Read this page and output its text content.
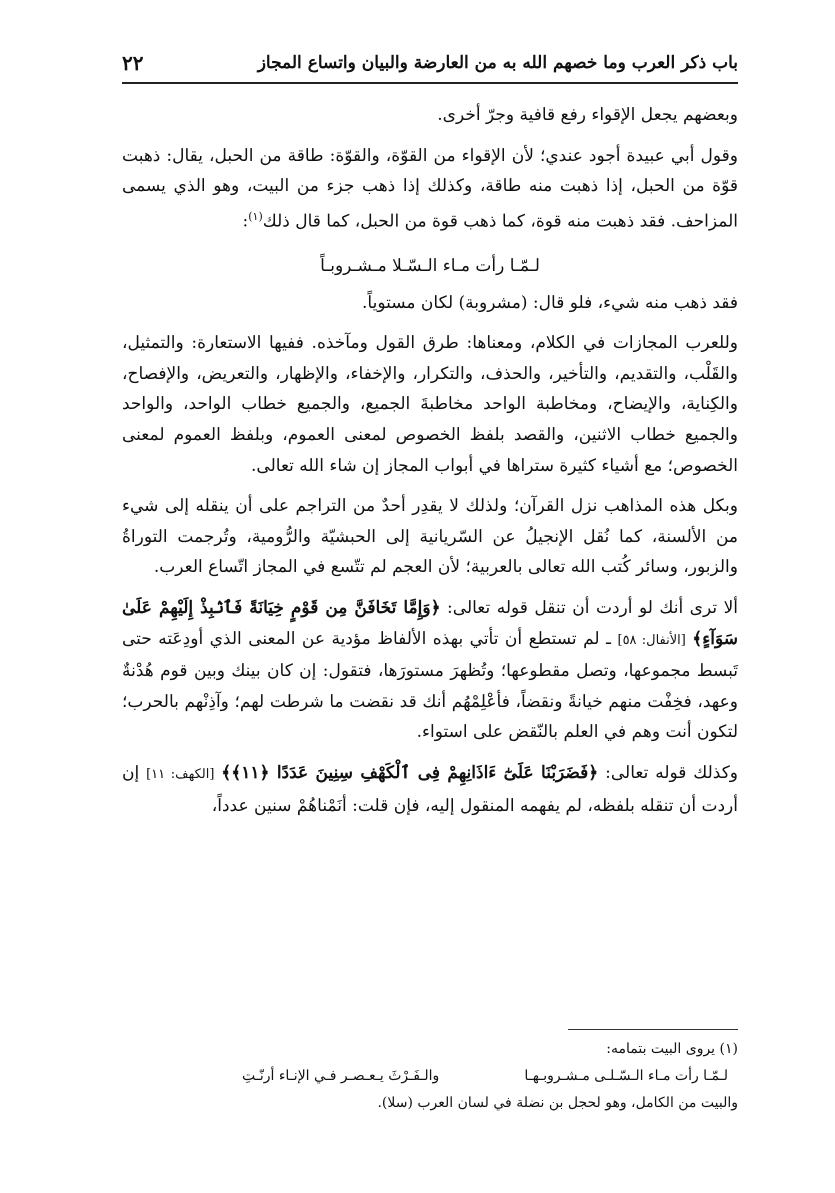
باب ذكر العرب وما خصهم الله به من العارضة والبيان واتساع المجاز
٢٢

وبعضهم يجعل الإقواء رفع قافية وجرّ أخرى.

وقول أبي عبيدة أجود عندي؛ لأن الإقواء من القوّة، والقوّة: طاقة من الحبل، يقال: ذهبت قوّة من الحبل، إذا ذهبت منه طاقة، وكذلك إذا ذهب جزء من البيت، وهو الذي يسمى المزاحف. فقد ذهبت منه قوة، كما ذهب قوة من الحبل، كما قال ذلك$^{(١)}$:

لـمّـا رأت مـاء الـسّـلا مـشـروبـاً

فقد ذهب منه شيء، فلو قال: (مشروبة) لكان مستوياً.

وللعرب المجازات في الكلام، ومعناها: طرق القول ومآخذه. ففيها الاستعارة: والتمثيل، والقَلْب، والتقديم، والتأخير، والحذف، والتكرار، والإخفاء، والإظهار، والتعريض، والإفصاح، والكِناية، والإيضاح، ومخاطبة الواحد مخاطبةَ الجميع، والجميع خطاب الواحد، والواحد والجميع خطاب الاثنين، والقصد بلفظ الخصوص لمعنى العموم، وبلفظ العموم لمعنى الخصوص؛ مع أشياء كثيرة ستراها في أبواب المجاز إن شاء الله تعالى.

وبكل هذه المذاهب نزل القرآن؛ ولذلك لا يقدِر أحدٌ من التراجم على أن ينقله إلى شيء من الألسنة، كما نُقل الإنجيلُ عن السّريانية إلى الحبشيّة والرُّومية، وتُرجمت التوراةُ والزبور، وسائر كُتب الله تعالى بالعربية؛ لأن العجم لم تتّسع في المجاز اتّساع العرب.

ألا ترى أنك لو أردت أن تنقل قوله تعالى: ﴿وَإِمَّا تَخَافَنَّ مِن قَوْمٍ خِيَانَةً فَٱنۢبِذْ إِلَيْهِمْ عَلَىٰ سَوَآءٍ﴾ [الأنفال: ٥٨] ـ لم تستطع أن تأتي بهذه الألفاظ مؤدية عن المعنى الذي أودِعَته حتى تَبسط مجموعها، وتصل مقطوعها؛ وتُظهرَ مستورَها، فتقول: إن كان بينك وبين قوم هُدْنةٌ وعهد، فخِفْت منهم خيانةً ونقضاً، فأعْلِمْهُم أنك قد نقضت ما شرطت لهم؛ وآذِنْهم بالحرب؛ لتكون أنت وهم في العلم بالنّقض على استواء.

وكذلك قوله تعالى: ﴿فَضَرَبْنَا عَلَىٰٓ ءَاذَانِهِمْ فِى ٱلْكَهْفِ سِنِينَ عَدَدًا ﴿١١﴾﴾ [الكهف: ١١] إن أردت أن تنقله بلفظه، لم يفهمه المنقول إليه، فإن قلت: أنَمْناهُمْ سنين عدداً،

(١) يروى البيت بتمامه:
لـمّـا رأت مـاء الـسّـلـى مـشـروبـهـا
والـفَـرْثَ يـعـصـر فـي الإنـاء أرنّـتِ
والبيت من الكامل، وهو لحجل بن نضلة في لسان العرب (سلا).
